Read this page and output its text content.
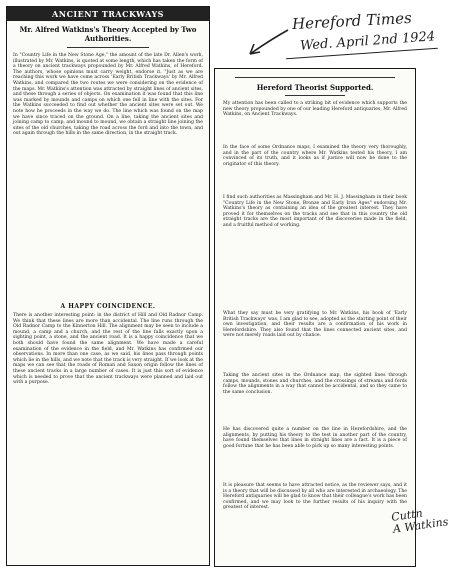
Hereford Times
Wed. April 2nd 1924
ANCIENT TRACKWAYS
Mr. Alfred Watkins's Theory Accepted by Two Authorities.
In "Country Life in the New Stone Age," the amount of the late Dr. Allen's work, illustrated by Mr. Watkins, is quoted at some length, which has taken the form of a theory on ancient trackways propounded by Mr. Alfred Watkins, of Hereford. The authors, whose opinions must carry weight, endorse it. "Just as we are reaching this work we have come across 'Early British Trackways' by Mr. Alfred Watkins, and compared the two routes we were considering on the evidence of the maps. Mr. Watkins's attention was attracted by straight lines of ancient sites, and these through a series of objects. On examination it was found that this line was marked by mounds and camps on which one fell in line with the sites. For the Watkins succeeded to find out whether the ancient sites were set out. We note how he proceeds in the way we do. The line which was found on the map we have since traced on the ground. On a line, taking the ancient sites and joining camp to camp, and mound to mound, we obtain a straight line joining the sites of the old churches, taking the road across the ford and into the town, and out again through the hills in the same direction, in the straight track.
A HAPPY COINCIDENCE.
There is another interesting point: in the district of Hill and Old Radnor Camp. We think that these lines are more than accidental. The line runs through the Old Radnor Camp to the Kinnerton Hill. The alignment may be seen to include a mound, a camp and a church, and the rest of the line falls exactly upon a sighting point, a stone, and the ancient road. It is a happy coincidence that we both should have found the same alignment. We have made a careful examination of the evidence in the field, and Mr. Watkins has confirmed our observations. In more than one case, as we said, his lines pass through points which lie in the hills, and we note that the track is very straight. If we look at the maps we can see that the roads of Roman and Saxon origin follow the lines of these ancient tracks in a large number of cases. It is just this sort of evidence which is needed to prove that the ancient trackways were planned and laid out with a purpose.
Hereford Theorist Supported.
My attention has been called to a striking bit of evidence which supports the new theory propounded by one of our leading Hereford antiquaries, Mr. Alfred Watkins, on Ancient Trackways.
In the face of some Ordnance maps, I examined the theory very thoroughly, and in the part of the country where Mr. Watkins tested his theory, I am convinced of its truth, and it looks as if justice will now be done to the originator of this theory.
I find such authorities as Massingham and Mr. H. J. Massingham in their book "Country Life in the New Stone, Bronze and Early Iron Ages" endorsing Mr. Watkins's theory as containing an idea of the greatest interest. They have proved it for themselves on the tracks and see that in this country the old straight tracks are the most important of the discoveries made in the field, and a fruitful method of working.
What they say must be very gratifying to Mr. Watkins, his book of 'Early British Trackways' was, I am glad to see, adopted as the starting point of their own investigation, and their results are a confirmation of his work in Herefordshire. They also found that the lines connected ancient sites, and were not merely roads laid out by chance.
Taking the ancient sites in the Ordnance map, the sighted lines through camps, mounds, stones and churches, and the crossings of streams and fords follow the alignments in a way that cannot be accidental, and so they came to the same conclusion.
He has discovered quite a number on the line in Herefordshire, and the alignments, by putting his theory to the test in another part of the country, have found themselves that lines in straight lines are a fact. It is a piece of good fortune that he has been able to pick up so many interesting points.
It is pleasure that seems to have attracted notice, as the reviewer says, and it is a theory that will be discussed by all who are interested in archaeology. The Hereford antiquaries will be glad to know that their colleague's work has been confirmed, and we may look to the further results of his inquiry with the greatest of interest.	Cuttn
A Watkins
